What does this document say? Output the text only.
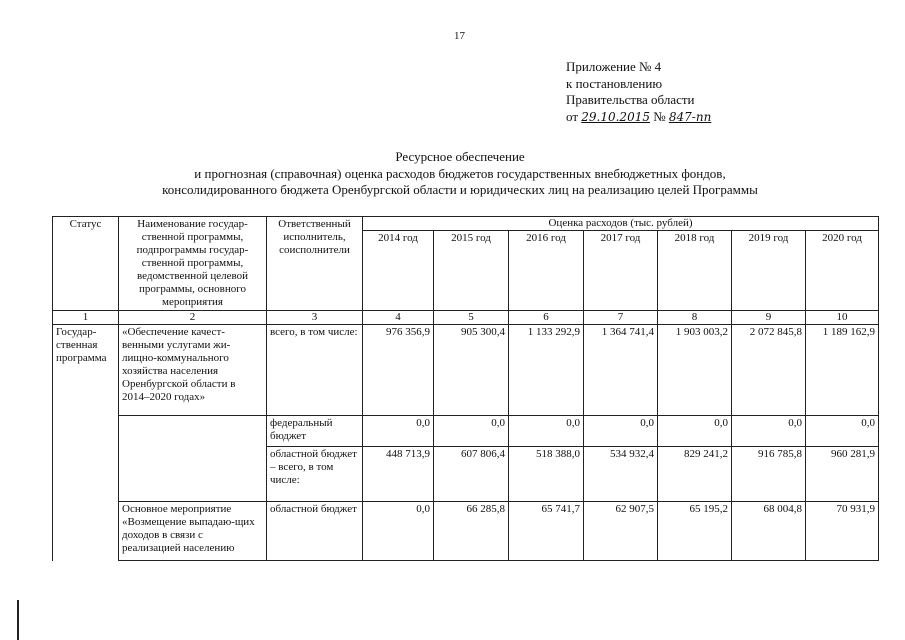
17
Приложение № 4
к постановлению
Правительства области
от 29.10.2015 № 847-пп
Ресурсное обеспечение
и прогнозная (справочная) оценка расходов бюджетов государственных внебюджетных фондов,
консолидированного бюджета Оренбургской области и юридических лиц на реализацию целей Программы
Статус	Наименование государ-ственной программы, подпрограммы государ-ственной программы, ведомственной целевой программы, основного мероприятия	Ответственный исполнитель, соисполнители	Оценка расходов (тыс. рублей)						
			2014 год	2015 год	2016 год	2017 год	2018 год	2019 год	2020 год
1	2	3	4	5	6	7	8	9	10
Государ-ственная программа	«Обеспечение качест-венными услугами жи-лищно-коммунального хозяйства населения Оренбургской области в 2014–2020 годах»	всего, в том числе:	976 356,9	905 300,4	1 133 292,9	1 364 741,4	1 903 003,2	2 072 845,8	1 189 162,9
		федеральный бюджет	0,0	0,0	0,0	0,0	0,0	0,0	0,0
		областной бюджет – всего, в том числе:	448 713,9	607 806,4	518 388,0	534 932,4	829 241,2	916 785,8	960 281,9
	Основное мероприятие «Возмещение выпадаю-щих доходов в связи с реализацией населению	областной бюджет	0,0	66 285,8	65 741,7	62 907,5	65 195,2	68 004,8	70 931,9
